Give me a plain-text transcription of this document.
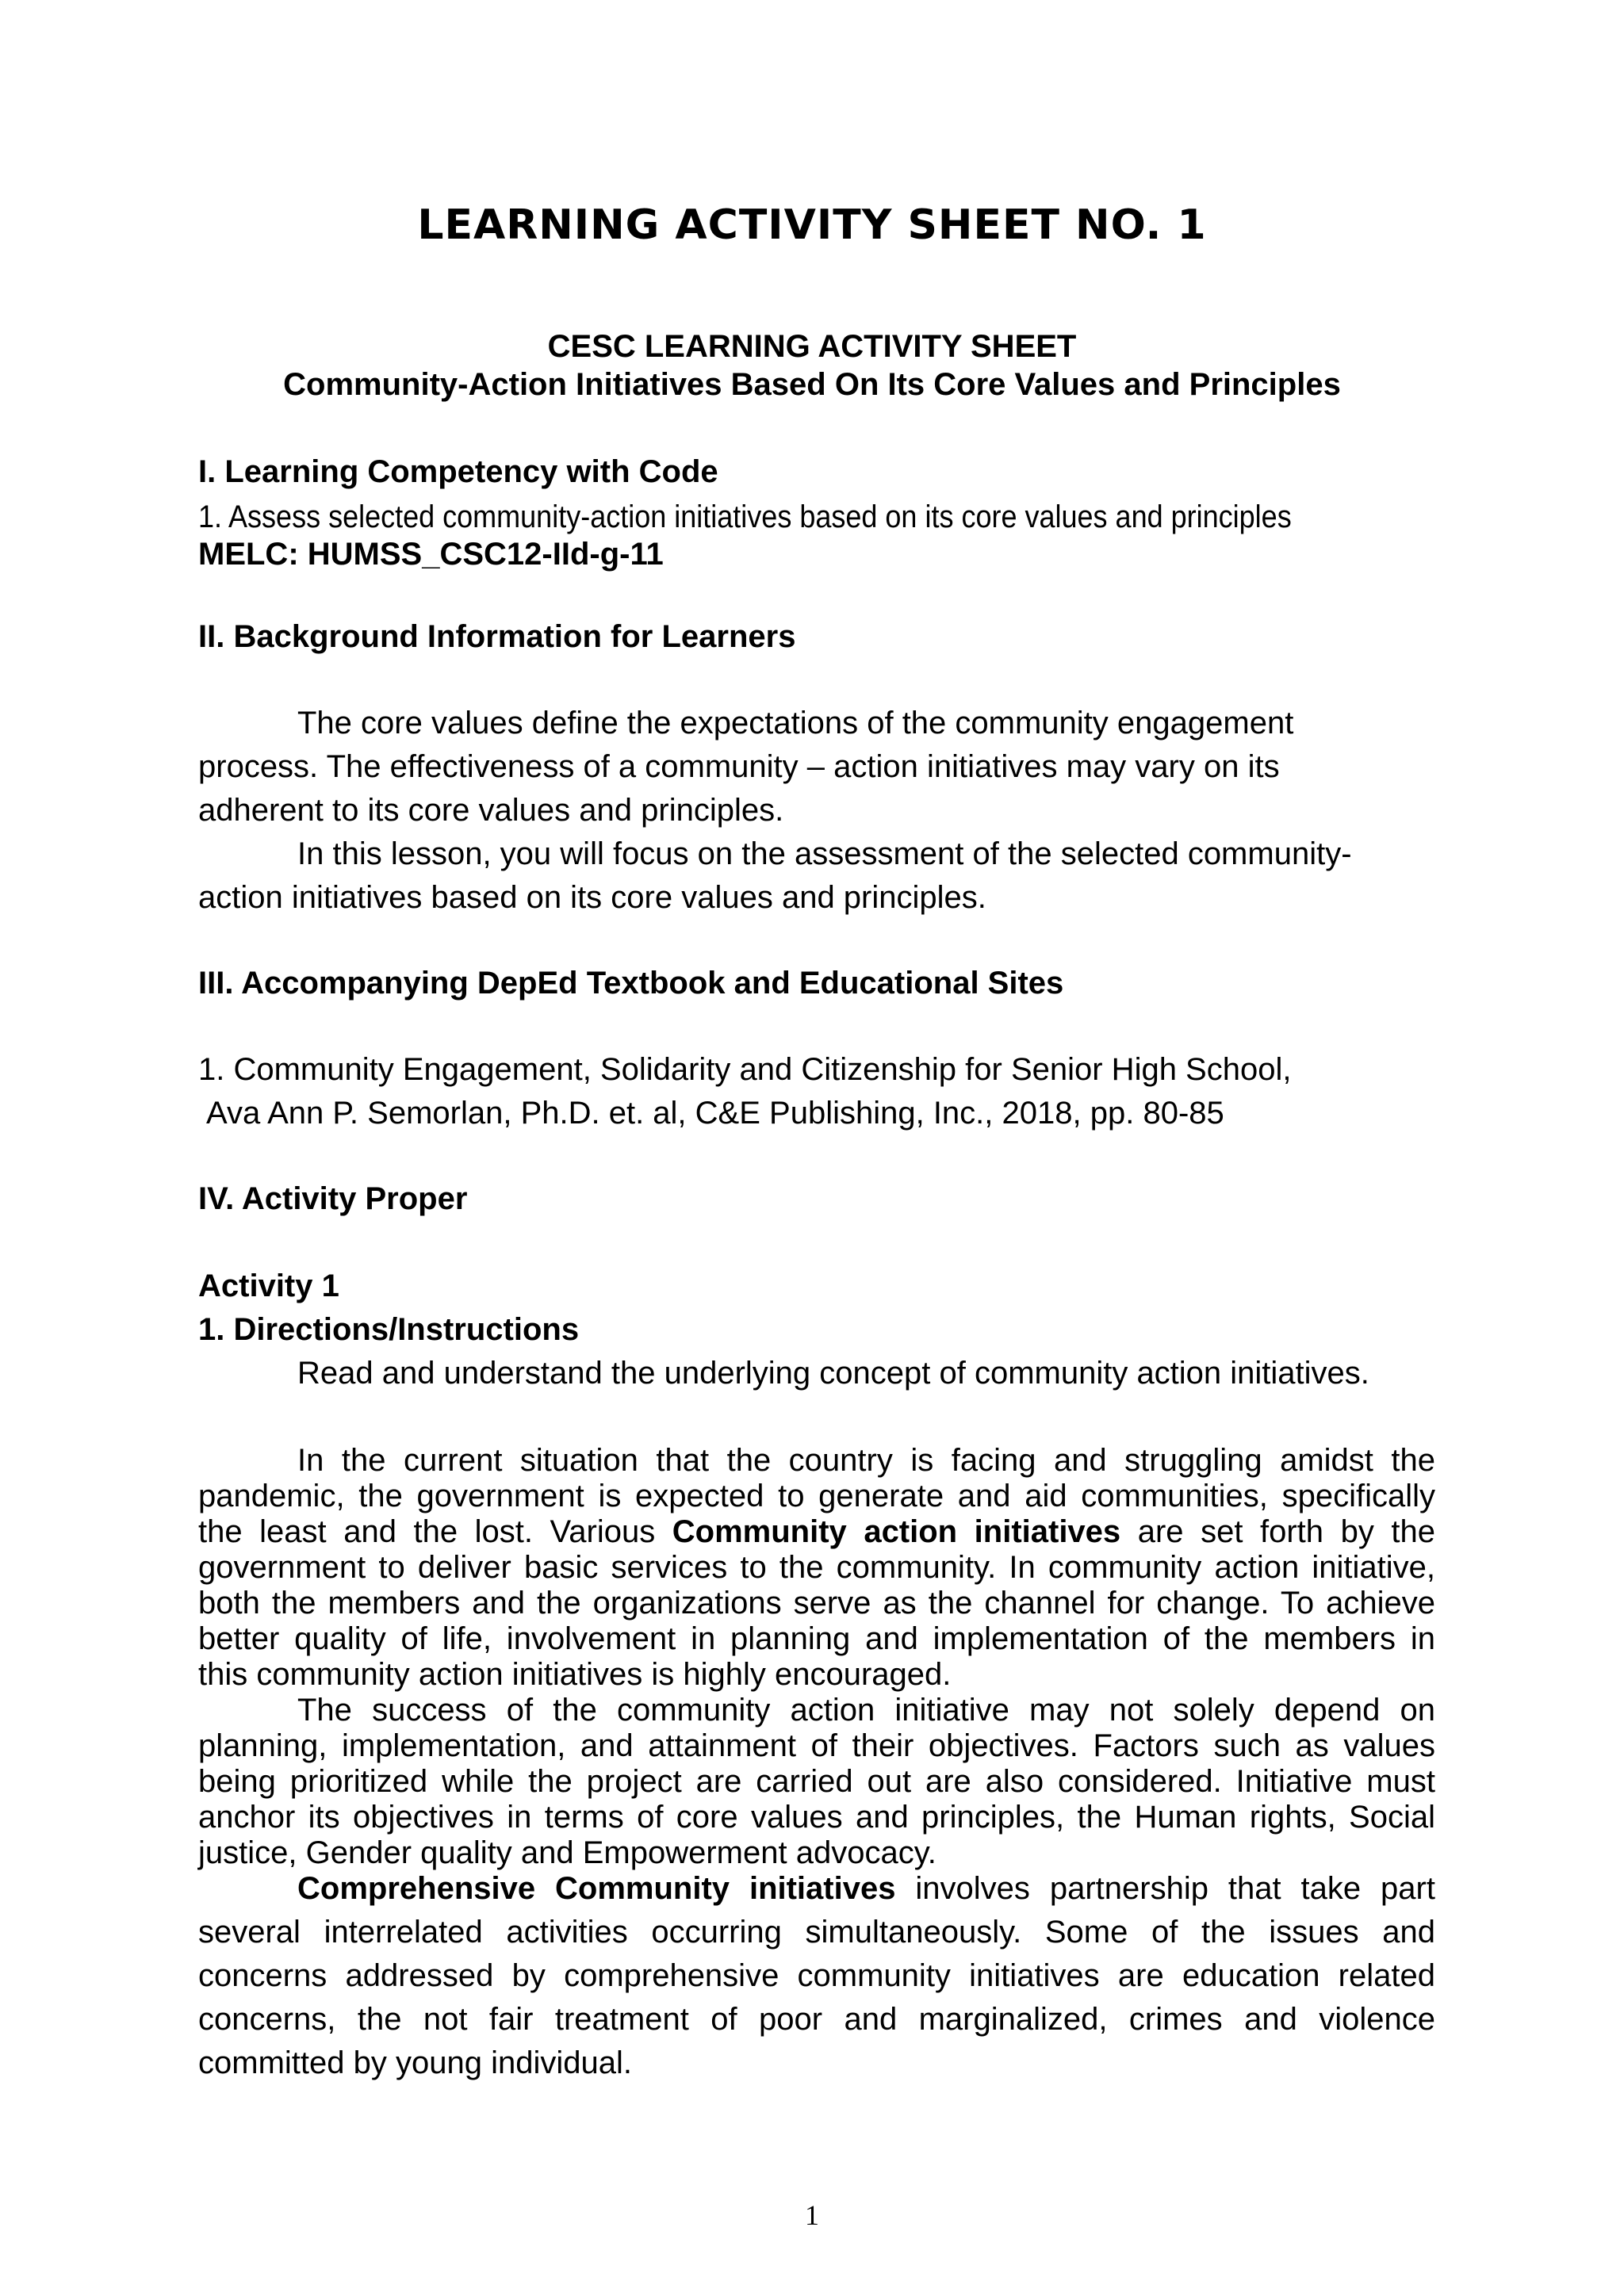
LEARNING ACTIVITY SHEET NO. 1
CESC LEARNING ACTIVITY SHEET
Community-Action Initiatives Based On Its Core Values and Principles
I. Learning Competency with Code
1. Assess selected community-action initiatives based on its core values and principles
MELC: HUMSS_CSC12-IId-g-11
II. Background Information for Learners
The core values define the expectations of the community engagement
process. The effectiveness of a community – action initiatives may vary on its
adherent to its core values and principles.
In this lesson, you will focus on the assessment of the selected community-
action initiatives based on its core values and principles.
III. Accompanying DepEd Textbook and Educational Sites
1. Community Engagement, Solidarity and Citizenship for Senior High School,
Ava Ann P. Semorlan, Ph.D. et. al, C&E Publishing, Inc., 2018, pp. 80-85
IV. Activity Proper
Activity 1
1. Directions/Instructions
Read and understand the underlying concept of community action initiatives.
In the current situation that the country is facing and struggling amidst the
pandemic, the government is expected to generate and aid communities, specifically
the least and the lost. Various Community action initiatives are set forth by the
government to deliver basic services to the community. In community action initiative,
both the members and the organizations serve as the channel for change. To achieve
better quality of life, involvement in planning and implementation of the members in
this community action initiatives is highly encouraged.
The success of the community action initiative may not solely depend on
planning, implementation, and attainment of their objectives. Factors such as values
being prioritized while the project are carried out are also considered. Initiative must
anchor its objectives in terms of core values and principles, the Human rights, Social
justice, Gender quality and Empowerment advocacy.
Comprehensive Community initiatives involves partnership that take part
several interrelated activities occurring simultaneously. Some of the issues and
concerns addressed by comprehensive community initiatives are education related
concerns, the not fair treatment of poor and marginalized, crimes and violence
committed by young individual.
1
